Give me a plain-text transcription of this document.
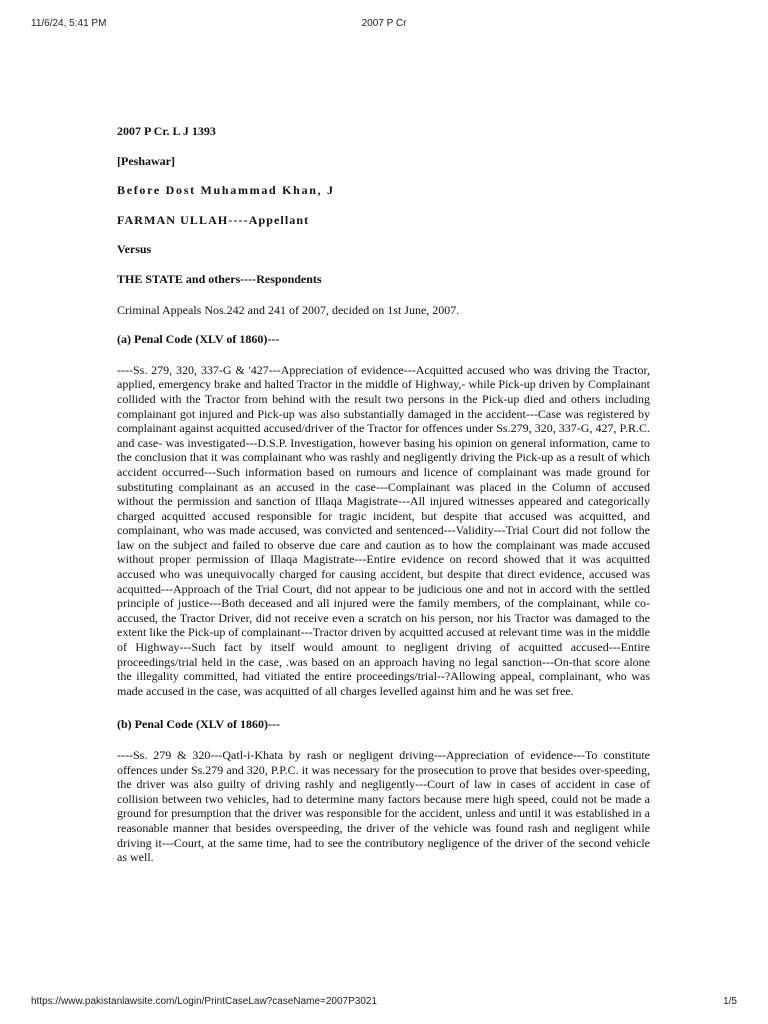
11/6/24, 5:41 PM	2007 P Cr

2007 P Cr. L J 1393

[Peshawar]

Before Dost Muhammad Khan, J

FARMAN ULLAH----Appellant

Versus

THE STATE and others----Respondents

Criminal Appeals Nos.242 and 241 of 2007, decided on 1st June, 2007.

(a) Penal Code (XLV of 1860)---

----Ss. 279, 320, 337-G & '427---Appreciation of evidence---Acquitted accused who was driving the Tractor, applied, emergency brake and halted Tractor in the middle of Highway,- while Pick-up driven by Complainant collided with the Tractor from behind with the result two persons in the Pick-up died and others including complainant got injured and Pick-up was also substantially damaged in the accident---Case was registered by complainant against acquitted accused/driver of the Tractor for offences under Ss.279, 320, 337-G, 427, P.R.C. and case- was investigated---D.S.P. Investigation, however basing his opinion on general information, came to the conclusion that it was complainant who was rashly and negligently driving the Pick-up as a result of which accident occurred---Such information based on rumours and licence of complainant was made ground for substituting complainant as an accused in the case---Complainant was placed in the Column of accused without the permission and sanction of Illaqa Magistrate---All injured witnesses appeared and categorically charged acquitted accused responsible for tragic incident, but despite that accused was acquitted, and complainant, who was made accused, was convicted and sentenced---Validity---Trial Court did not follow the law on the subject and failed to observe due care and caution as to how the complainant was made accused without proper permission of Illaqa Magistrate---Entire evidence on record showed that it was acquitted accused who was unequivocally charged for causing accident, but despite that direct evidence, accused was acquitted---Approach of the Trial Court, did not appear to be judicious one and not in accord with the settled principle of justice---Both deceased and all injured were the family members, of the complainant, while co-accused, the Tractor Driver, did not receive even a scratch on his person, nor his Tractor was damaged to the extent like the Pick-up of complainant---Tractor driven by acquitted accused at relevant time was in the middle of Highway---Such fact by itself would amount to negligent driving of acquitted accused---Entire proceedings/trial held in the case, .was based on an approach having no legal sanction---On-that score alone the illegality committed, had vitiated the entire proceedings/trial--?Allowing appeal, complainant, who was made accused in the case, was acquitted of all charges levelled against him and he was set free.

(b) Penal Code (XLV of 1860)---

----Ss. 279 & 320---Qatl-i-Khata by rash or negligent driving---Appreciation of evidence---To constitute offences under Ss.279 and 320, P.P.C. it was necessary for the prosecution to prove that besides over-speeding, the driver was also guilty of driving rashly and negligently---Court of law in cases of accident in case of collision between two vehicles, had to determine many factors because mere high speed, could not be made a ground for presumption that the driver was responsible for the accident, unless and until it was established in a reasonable manner that besides overspeeding, the driver of the vehicle was found rash and negligent while driving it---Court, at the same time, had to see the contributory negligence of the driver of the second vehicle as well.

https://www.pakistanlawsite.com/Login/PrintCaseLaw?caseName=2007P3021	1/5
